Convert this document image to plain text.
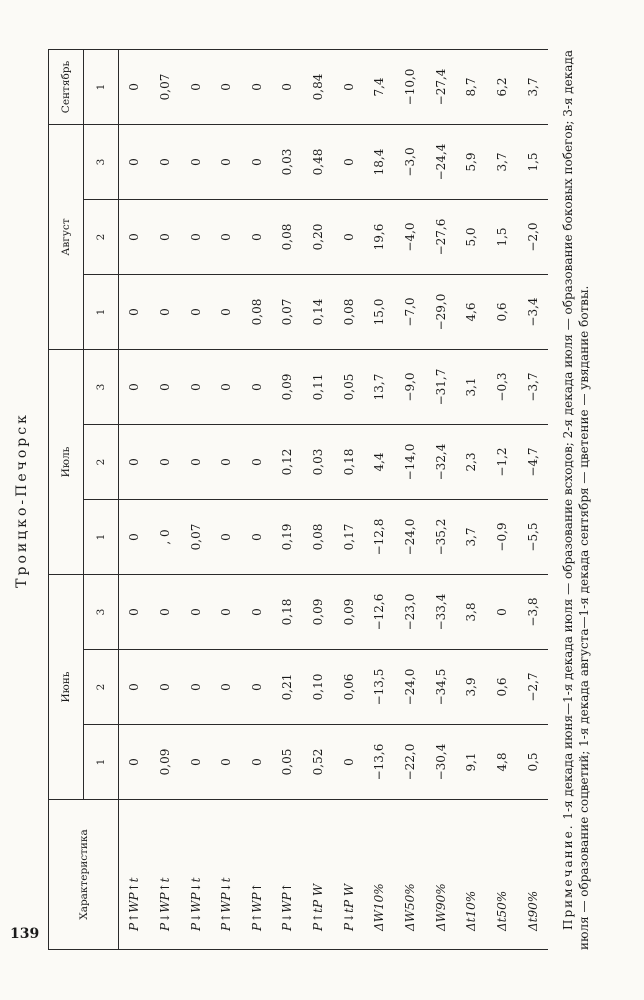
Троицко-Печорск
Характеристика	Июнь			Июль			Август			Сентябрь
	1	2	3	1	2	3	1	2	3	1
P↑WP↑t	0	0	0	0	0	0	0	0	0	0
P↓WP↑t	0,09	0	0	, 0	0	0	0	0	0	0,07
P↓WP↓t	0	0	0	0,07	0	0	0	0	0	0
P↑WP↓t	0	0	0	0	0	0	0	0	0	0
P↑WP↑	0	0	0	0	0	0	0,08	0	0	0
P↓WP↑	0,05	0,21	0,18	0,19	0,12	0,09	0,07	0,08	0,03	0
P↑tP W	0,52	0,10	0,09	0,08	0,03	0,11	0,14	0,20	0,48	0,84
P↓tP W	0	0,06	0,09	0,17	0,18	0,05	0,08	0	0	0
ΔW10%	−13,6	−13,5	−12,6	−12,8	4,4	13,7	15,0	19,6	18,4	7,4
ΔW50%	−22,0	−24,0	−23,0	−24,0	−14,0	−9,0	−7,0	−4,0	−3,0	−10,0
ΔW90%	−30,4	−34,5	−33,4	−35,2	−32,4	−31,7	−29,0	−27,6	−24,4	−27,4
Δt10%	9,1	3,9	3,8	3,7	2,3	3,1	4,6	5,0	5,9	8,7
Δt50%	4,8	0,6	0	−0,9	−1,2	−0,3	0,6	1,5	3,7	6,2
Δt90%	0,5	−2,7	−3,8	−5,5	−4,7	−3,7	−3,4	−2,0	1,5	3,7
Примечание. 1-я декада июня—1-я декада июля — образование всходов; 2-я декада июля — образование боковых побегов; 3-я декада июля — образование соцветий; 1-я декада августа—1-я декада сентября — цветение — увядание ботвы.
139
